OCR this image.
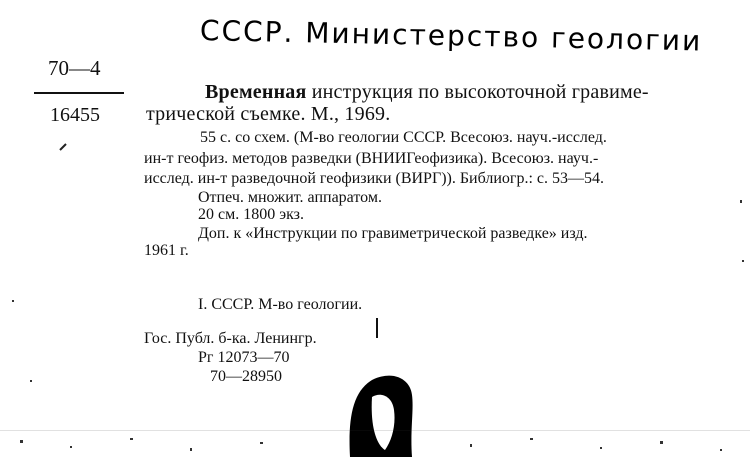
СССР. Министерство геологии
70—4
16455
Временная инструкция по высокоточной гравиме-
трической съемке. М., 1969.
55 с. со схем. (М-во геологии СССР. Всесоюз. науч.-исслед.
ин-т геофиз. методов разведки (ВНИИГеофизика). Всесоюз. науч.-
исслед. ин-т разведочной геофизики (ВИРГ)). Библиогр.: с. 53—54.
Отпеч. множит. аппаратом.
20 см. 1800 экз.
Доп. к «Инструкции по гравиметрической разведке» изд.
1961 г.
I. СССР. М-во геологии.
Гос. Публ. б-ка. Ленингр.
Рг 12073—70
70—28950
